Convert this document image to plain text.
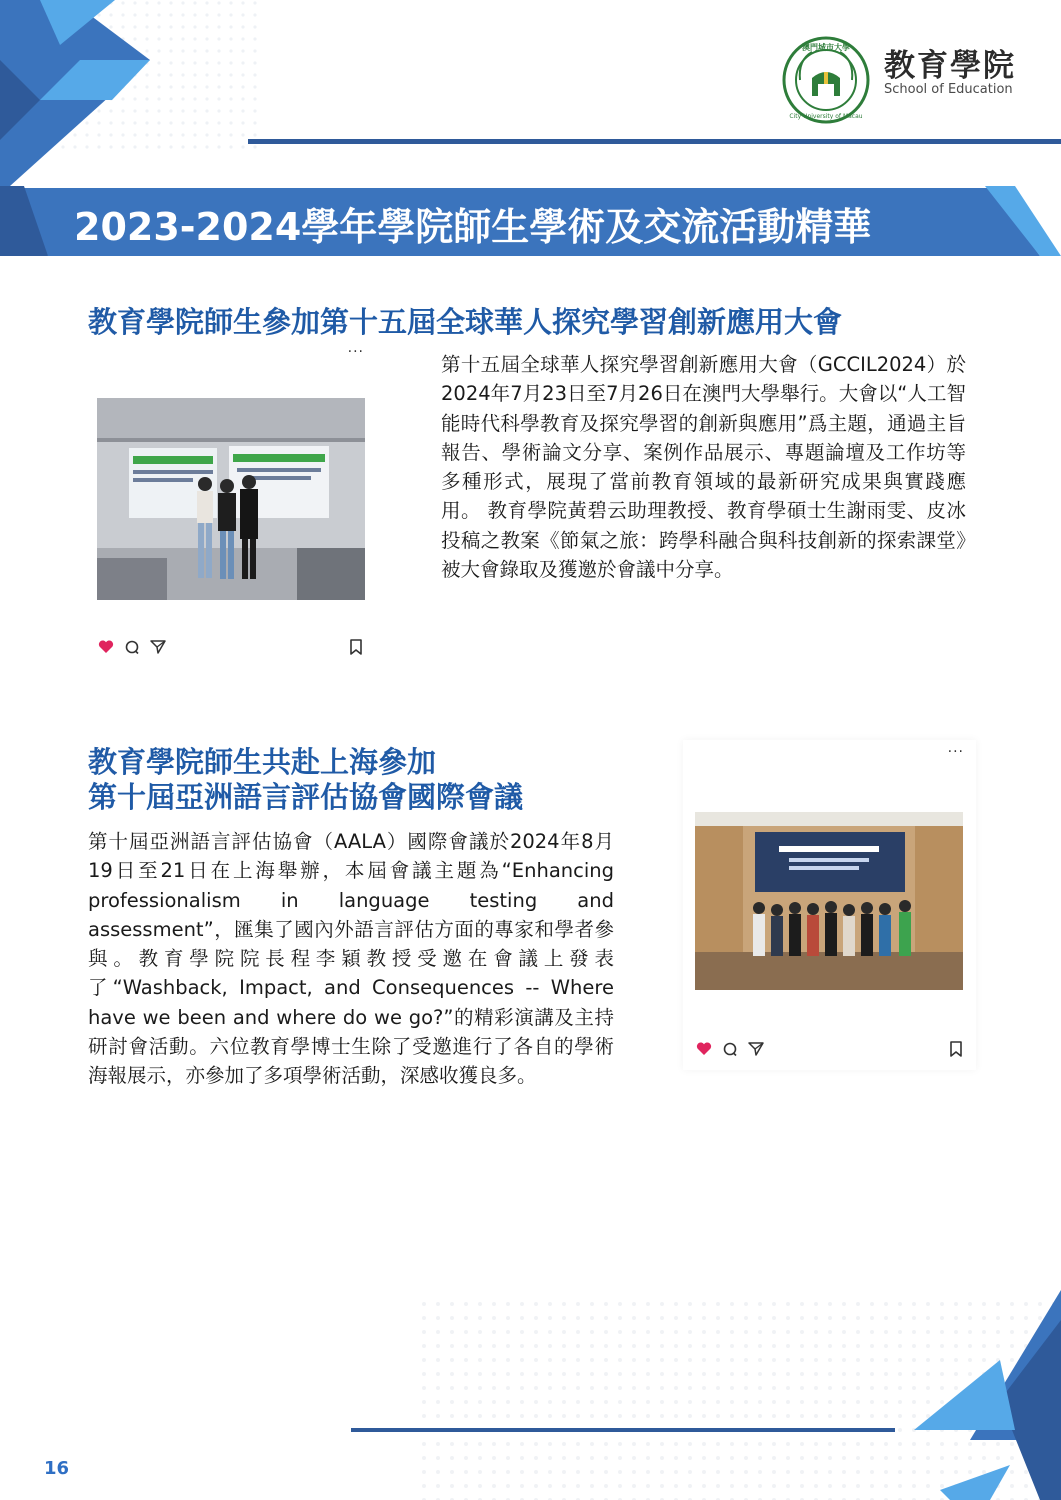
澳門城市大學
City University of Macau
教育學院
School of Education
2023-2024學年學院師生學術及交流活動精華
教育學院師生參加第十五屆全球華人探究學習創新應用大會
...
第十五屆全球華人探究學習創新應用大會（GCCIL2024）於2024年7月23日至7月26日在澳門大學舉行。大會以“人工智能時代科學教育及探究學習的創新與應用”爲主題，通過主旨報告、學術論文分享、案例作品展示、專題論壇及工作坊等多種形式，展現了當前教育領域的最新研究成果與實踐應用。 教育學院黃碧云助理教授、教育學碩士生謝雨雯、皮冰投稿之教案《節氣之旅：跨學科融合與科技創新的探索課堂》被大會錄取及獲邀於會議中分享。
教育學院師生共赴上海參加
第十屆亞洲語言評估協會國際會議
第十屆亞洲語言評估協會（AALA）國際會議於2024年8月19日至21日在上海舉辦，本屆會議主題為“Enhancing professionalism in language testing and assessment”，匯集了國內外語言評估方面的專家和學者參與。教育學院院長程李穎教授受邀在會議上發表了“Washback, Impact, and Consequences -- Where have we been and where do we go?”的精彩演講及主持研討會活動。六位教育學博士生除了受邀進行了各自的學術海報展示，亦參加了多項學術活動，深感收獲良多。
...
16
